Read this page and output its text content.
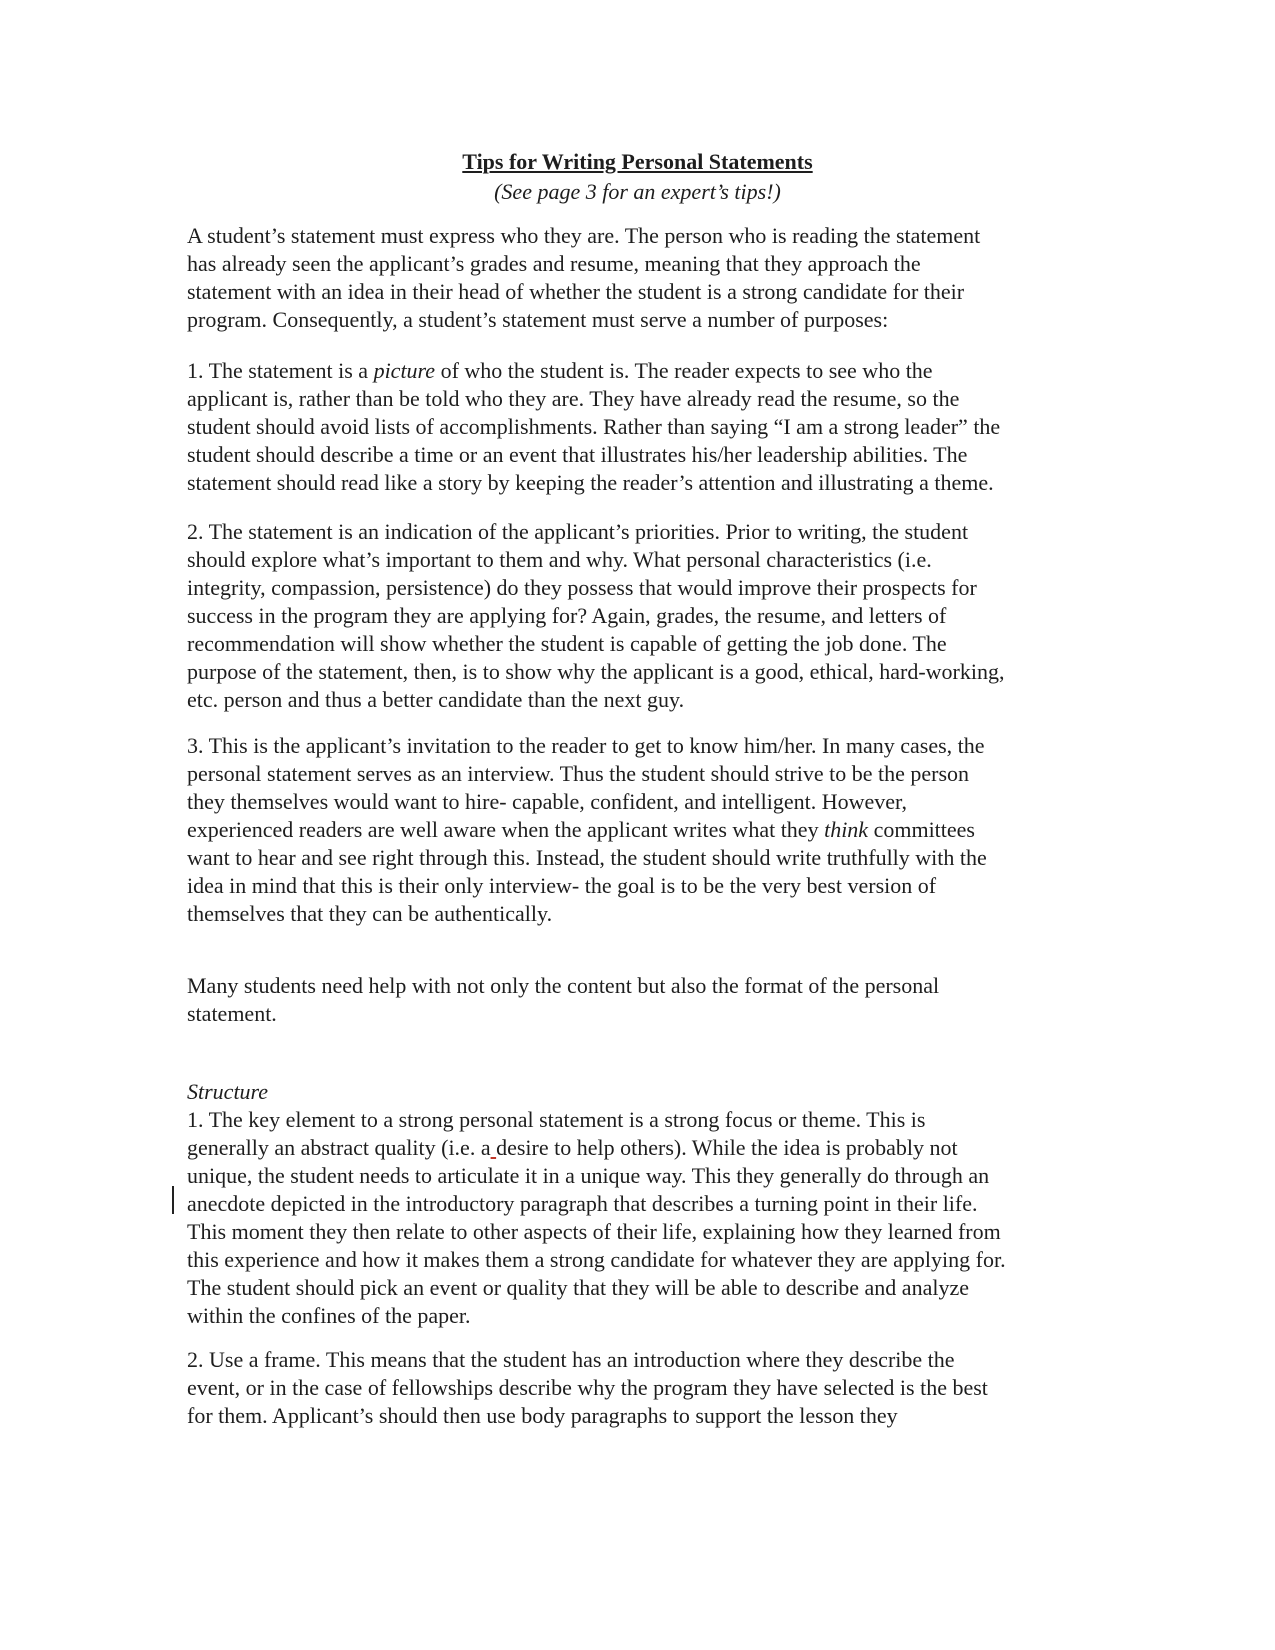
Tips for Writing Personal Statements
(See page 3 for an expert’s tips!)
A student’s statement must express who they are. The person who is reading the statement
has already seen the applicant’s grades and resume, meaning that they approach the
statement with an idea in their head of whether the student is a strong candidate for their
program. Consequently, a student’s statement must serve a number of purposes:
1. The statement is a picture of who the student is. The reader expects to see who the
applicant is, rather than be told who they are. They have already read the resume, so the
student should avoid lists of accomplishments. Rather than saying “I am a strong leader” the
student should describe a time or an event that illustrates his/her leadership abilities. The
statement should read like a story by keeping the reader’s attention and illustrating a theme.
2. The statement is an indication of the applicant’s priorities. Prior to writing, the student
should explore what’s important to them and why. What personal characteristics (i.e.
integrity, compassion, persistence) do they possess that would improve their prospects for
success in the program they are applying for? Again, grades, the resume, and letters of
recommendation will show whether the student is capable of getting the job done. The
purpose of the statement, then, is to show why the applicant is a good, ethical, hard-working,
etc. person and thus a better candidate than the next guy.
3. This is the applicant’s invitation to the reader to get to know him/her. In many cases, the
personal statement serves as an interview. Thus the student should strive to be the person
they themselves would want to hire- capable, confident, and intelligent. However,
experienced readers are well aware when the applicant writes what they think committees
want to hear and see right through this. Instead, the student should write truthfully with the
idea in mind that this is their only interview- the goal is to be the very best version of
themselves that they can be authentically.
Many students need help with not only the content but also the format of the personal
statement.
Structure
1. The key element to a strong personal statement is a strong focus or theme. This is
generally an abstract quality (i.e. a desire to help others). While the idea is probably not
unique, the student needs to articulate it in a unique way. This they generally do through an
anecdote depicted in the introductory paragraph that describes a turning point in their life.
This moment they then relate to other aspects of their life, explaining how they learned from
this experience and how it makes them a strong candidate for whatever they are applying for.
The student should pick an event or quality that they will be able to describe and analyze
within the confines of the paper.
2. Use a frame. This means that the student has an introduction where they describe the
event, or in the case of fellowships describe why the program they have selected is the best
for them. Applicant’s should then use body paragraphs to support the lesson they
